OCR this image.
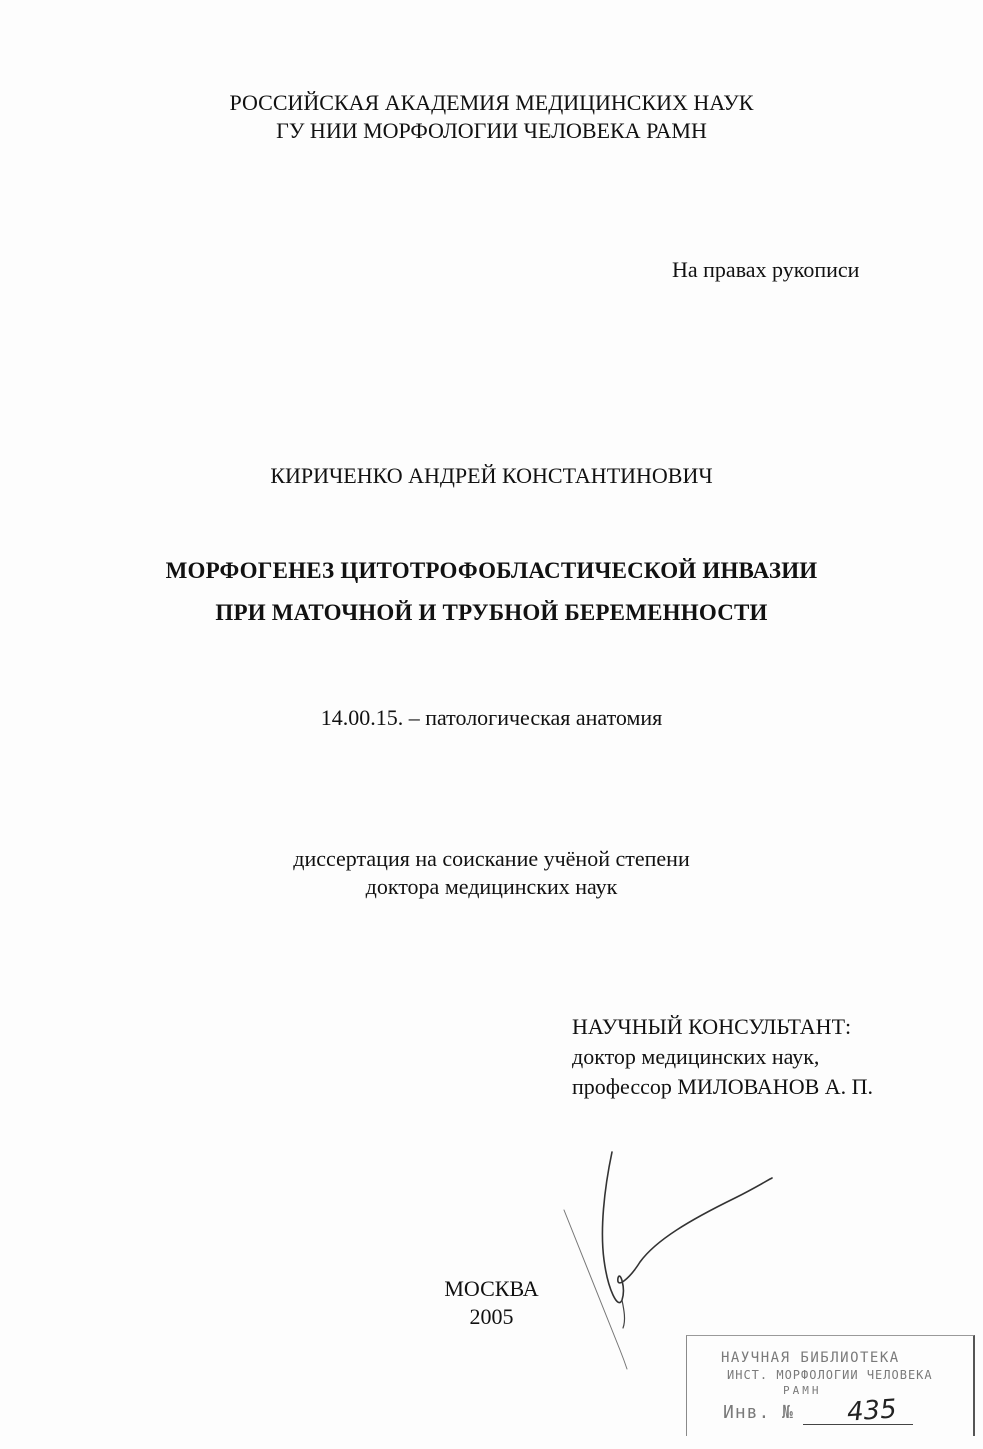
РОССИЙСКАЯ АКАДЕМИЯ МЕДИЦИНСКИХ НАУК
ГУ НИИ МОРФОЛОГИИ ЧЕЛОВЕКА РАМН
На правах рукописи
КИРИЧЕНКО АНДРЕЙ КОНСТАНТИНОВИЧ
МОРФОГЕНЕЗ ЦИТОТРОФОБЛАСТИЧЕСКОЙ ИНВАЗИИ
ПРИ МАТОЧНОЙ И ТРУБНОЙ БЕРЕМЕННОСТИ
14.00.15. – патологическая анатомия
диссертация на соискание учёной степени
доктора медицинских наук
НАУЧНЫЙ КОНСУЛЬТАНТ:
доктор медицинских наук,
профессор МИЛОВАНОВ А. П.
МОСКВА
2005
НАУЧНАЯ БИБЛИОТЕКА
ИНСТ. МОРФОЛОГИИ ЧЕЛОВЕКА
РАМН
Инв. № 435
